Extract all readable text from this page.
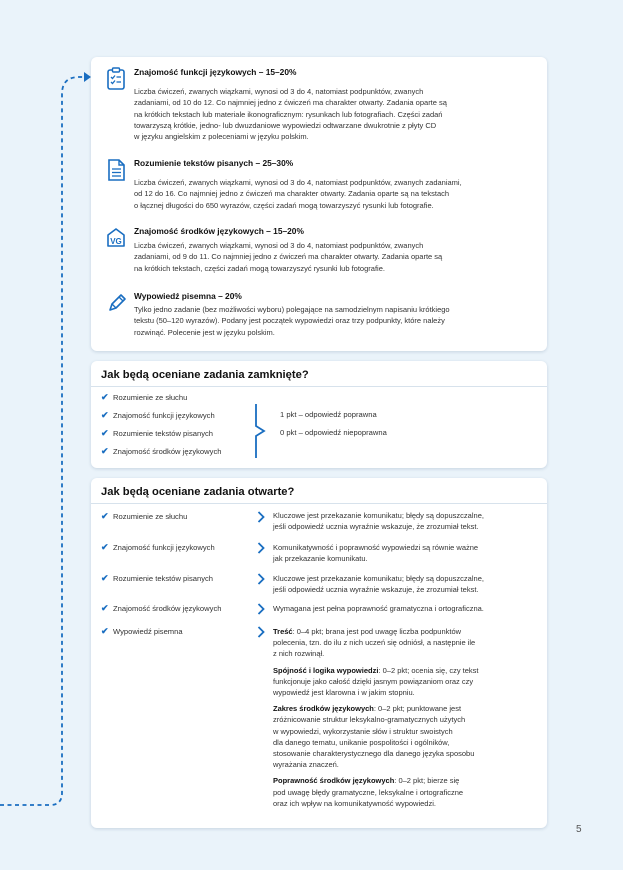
Znajomość funkcji językowych – 15–20%

Liczba ćwiczeń, zwanych wiązkami, wynosi od 3 do 4, natomiast podpunktów, zwanych
zadaniami, od 10 do 12. Co najmniej jedno z ćwiczeń ma charakter otwarty. Zadania oparte są
na krótkich tekstach lub materiale ikonograficznym: rysunkach lub fotografiach. Części zadań
towarzyszą krótkie, jedno- lub dwuzdaniowe wypowiedzi odtwarzane dwukrotnie z płyty CD
w języku angielskim z poleceniami w języku polskim.

Rozumienie tekstów pisanych – 25–30%

Liczba ćwiczeń, zwanych wiązkami, wynosi od 3 do 4, natomiast podpunktów, zwanych zadaniami,
od 12 do 16. Co najmniej jedno z ćwiczeń ma charakter otwarty. Zadania oparte są na tekstach
o łącznej długości do 650 wyrazów, części zadań mogą towarzyszyć rysunki lub fotografie.

VG
Znajomość środków językowych – 15–20%

Liczba ćwiczeń, zwanych wiązkami, wynosi od 3 do 4, natomiast podpunktów, zwanych
zadaniami, od 9 do 11. Co najmniej jedno z ćwiczeń ma charakter otwarty. Zadania oparte są
na krótkich tekstach, części zadań mogą towarzyszyć rysunki lub fotografie.

Wypowiedź pisemna – 20%

Tylko jedno zadanie (bez możliwości wyboru) polegające na samodzielnym napisaniu krótkiego
tekstu (50–120 wyrazów). Podany jest początek wypowiedzi oraz trzy podpunkty, które należy
rozwinąć. Polecenie jest w języku polskim.

Jak będą oceniane zadania zamknięte?
✔ Rozumienie ze słuchu
✔ Znajomość funkcji językowych
✔ Rozumienie tekstów pisanych
✔ Znajomość środków językowych
1 pkt – odpowiedź poprawna
0 pkt – odpowiedź niepoprawna
Jak będą oceniane zadania otwarte?
✔ Rozumienie ze słuchu	Kluczowe jest przekazanie komunikatu; błędy są dopuszczalne,
jeśli odpowiedź ucznia wyraźnie wskazuje, że zrozumiał tekst.
✔ Znajomość funkcji językowych	Komunikatywność i poprawność wypowiedzi są równie ważne
jak przekazanie komunikatu.
✔ Rozumienie tekstów pisanych	Kluczowe jest przekazanie komunikatu; błędy są dopuszczalne,
jeśli odpowiedź ucznia wyraźnie wskazuje, że zrozumiał tekst.
✔ Znajomość środków językowych	Wymagana jest pełna poprawność gramatyczna i ortograficzna.
✔ Wypowiedź pisemna	Treść: 0–4 pkt; brana jest pod uwagę liczba podpunktów
polecenia, tzn. do ilu z nich uczeń się odniósł, a następnie ile
z nich rozwinął.
Spójność i logika wypowiedzi: 0–2 pkt; ocenia się, czy tekst
funkcjonuje jako całość dzięki jasnym powiązaniom oraz czy
wypowiedź jest klarowna i w jakim stopniu.
Zakres środków językowych: 0–2 pkt; punktowane jest
zróżnicowanie struktur leksykalno-gramatycznych użytych
w wypowiedzi, wykorzystanie słów i struktur swoistych
dla danego tematu, unikanie pospolitości i ogólników,
stosowanie charakterystycznego dla danego języka sposobu
wyrażania znaczeń.
Poprawność środków językowych: 0–2 pkt; bierze się
pod uwagę błędy gramatyczne, leksykalne i ortograficzne
oraz ich wpływ na komunikatywność wypowiedzi.
5
